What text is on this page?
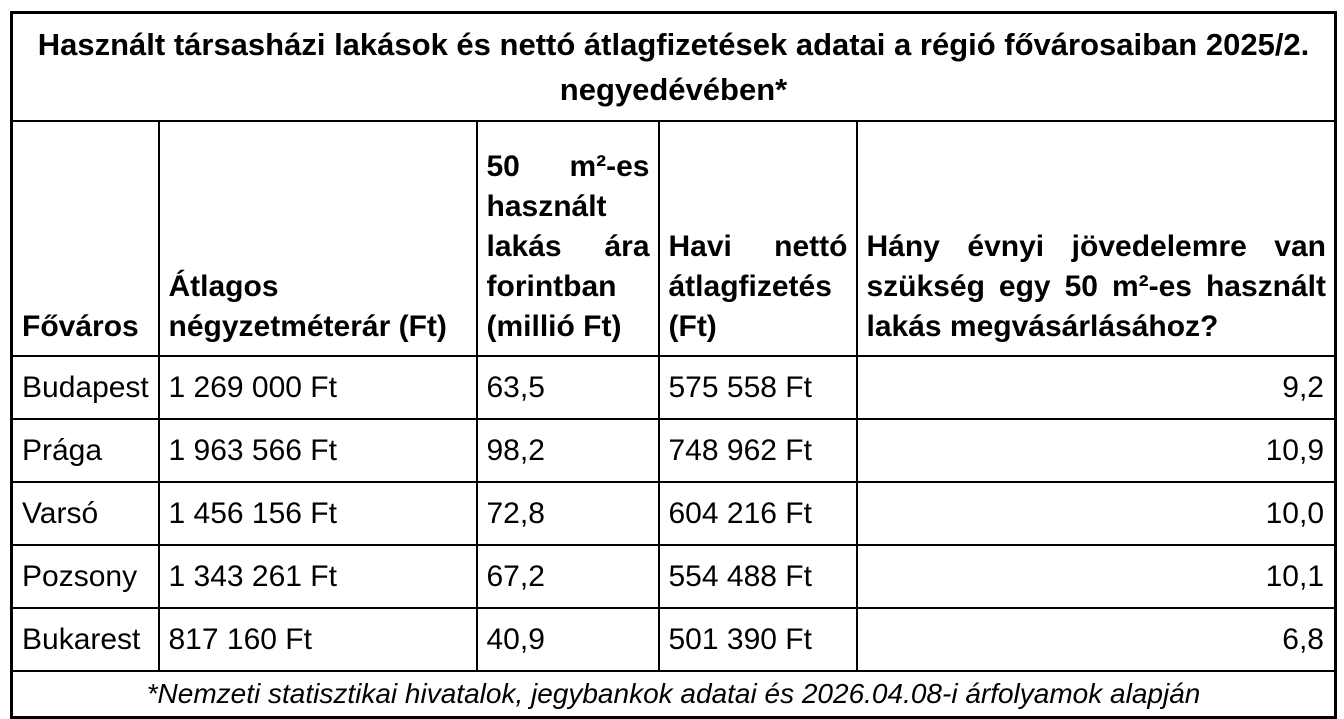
Használt társasházi lakások és nettó átlagfizetések adatai a régió fővárosaiban 2025/2. negyedévében*				
Főváros	Átlagos négyzetméterár (Ft)	50 m²-es használt lakás ára forintban (millió Ft)	Havi nettó átlagfizetés (Ft)	Hány évnyi jövedelemre van szükség egy 50 m²-es használt lakás megvásárlásához?
Budapest	1 269 000 Ft	63,5	575 558 Ft	9,2
Prága	1 963 566 Ft	98,2	748 962 Ft	10,9
Varsó	1 456 156 Ft	72,8	604 216 Ft	10,0
Pozsony	1 343 261 Ft	67,2	554 488 Ft	10,1
Bukarest	817 160 Ft	40,9	501 390 Ft	6,8
*Nemzeti statisztikai hivatalok, jegybankok adatai és 2026.04.08-i árfolyamok alapján				
